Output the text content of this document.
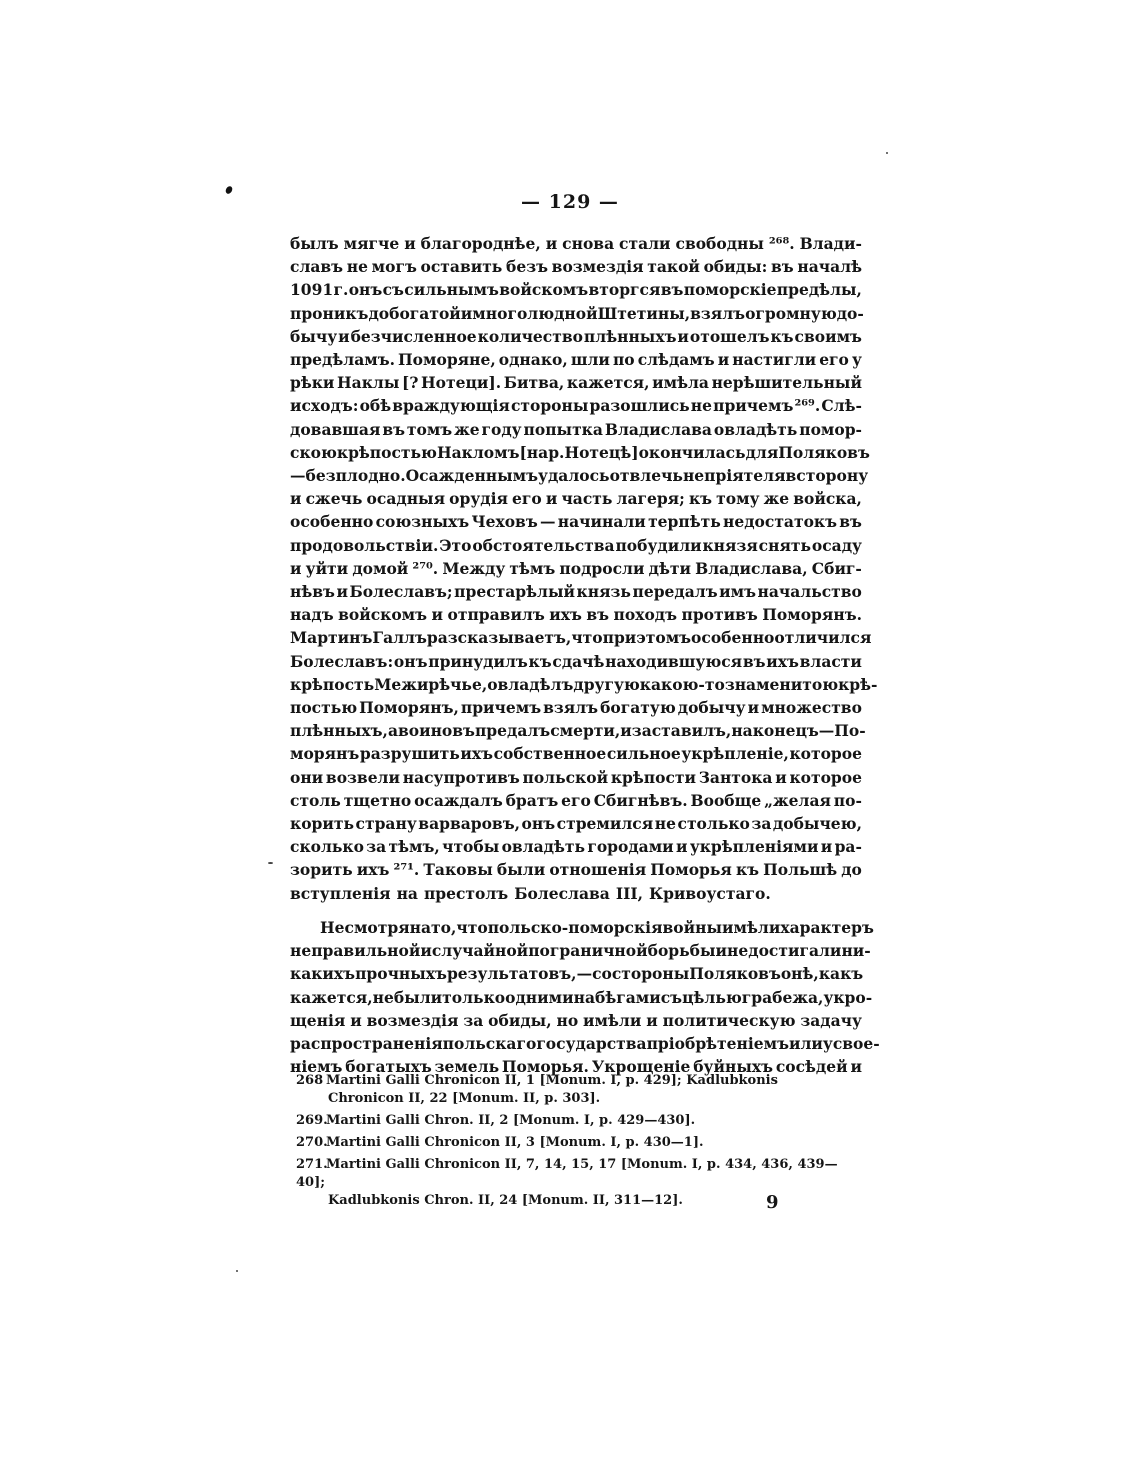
— 129 —
былъ мягче и благороднѣе, и снова стали свободны ²⁶⁸. Влади-
славъ не могъ оставить безъ возмездія такой обиды: въ началѣ
1091 г. онъ съ сильнымъ войскомъ вторгся въ поморскіе предѣлы,
проникъ до богатой и многолюдной Штетины, взялъ огромную до-
бычу и безчисленное количество плѣнныхъ и отошелъ къ своимъ
предѣламъ. Поморяне, однако, шли по слѣдамъ и настигли его у
рѣки Наклы [? Нотеци]. Битва, кажется, имѣла нерѣшительный
исходъ: обѣ враждующія стороны разошлись не причемъ ²⁶⁹. Слѣ-
довавшая въ томъ же году попытка Владислава овладѣть помор-
скою крѣпостью Накломъ [на р. Нотецѣ] окончилась для Поляковъ
— безплодно. Осажденнымъ удалось отвлечь непріятеля всторону
и сжечь осадныя орудія его и часть лагеря; къ тому же войска,
особенно союзныхъ Чеховъ — начинали терпѣть недостатокъ въ
продовольствіи. Это обстоятельства побудили князя снять осаду
и уйти домой ²⁷⁰. Между тѣмъ подросли дѣти Владислава, Сбиг-
нѣвъ и Болеславъ; престарѣлый князь передалъ имъ начальство
надъ войскомъ и отправилъ ихъ въ походъ противъ Поморянъ.
Мартинъ Галлъ разсказываетъ, что при этомъ особенно отличился
Болеславъ: онъ принудилъ къ сдачѣ находившуюся въ ихъ власти
крѣпость Межирѣчье, овладѣлъ другую какою-то знаменитою крѣ-
постью Поморянъ, причемъ взялъ богатую добычу и множество
плѣнныхъ, а воиновъ предалъ смерти, и заставилъ, наконецъ—По-
морянъ разрушить ихъ собственное сильное укрѣпленіе, которое
они возвели насупротивъ польской крѣпости Зантока и которое
столь тщетно осаждалъ братъ его Сбигнѣвъ. Вообще „желая по-
корить страну варваровъ, онъ стремился не столько за добычею,
сколько за тѣмъ, чтобы овладѣть городами и укрѣпленіями и ра-
зорить ихъ ²⁷¹. Таковы были отношенія Поморья къ Польшѣ до
вступленія на престолъ Болеслава III, Кривоустаго.
Не смотря на то, что польско-поморскія войны имѣли характеръ
неправильной и случайной пограничной борьбы и недостигали ни-
какихъ прочныхъ результатовъ, — со стороны Поляковъ онѣ, какъ
кажется, не были только одними набѣгами съ цѣлью грабежа, укро-
щенія и возмездія за обиды, но имѣли и политическую задачу
распространенія польскаго государства пріобрѣтеніемъ или усвое-
ніемъ богатыхъ земель Поморья. Укрощеніе буйныхъ сосѣдей и
268 Martini Galli Chronicon II, 1 [Monum. I, p. 429]; Kadlubkonis
Chronicon II, 22 [Monum. II, p. 303].
269.Martini Galli Chron. II, 2 [Monum. I, p. 429—430].
270.Martini Galli Chronicon II, 3 [Monum. I, p. 430—1].
271.Martini Galli Chronicon II, 7, 14, 15, 17 [Monum. I, p. 434, 436, 439—40];
Kadlubkonis Chron. II, 24 [Monum. II, 311—12].	9
